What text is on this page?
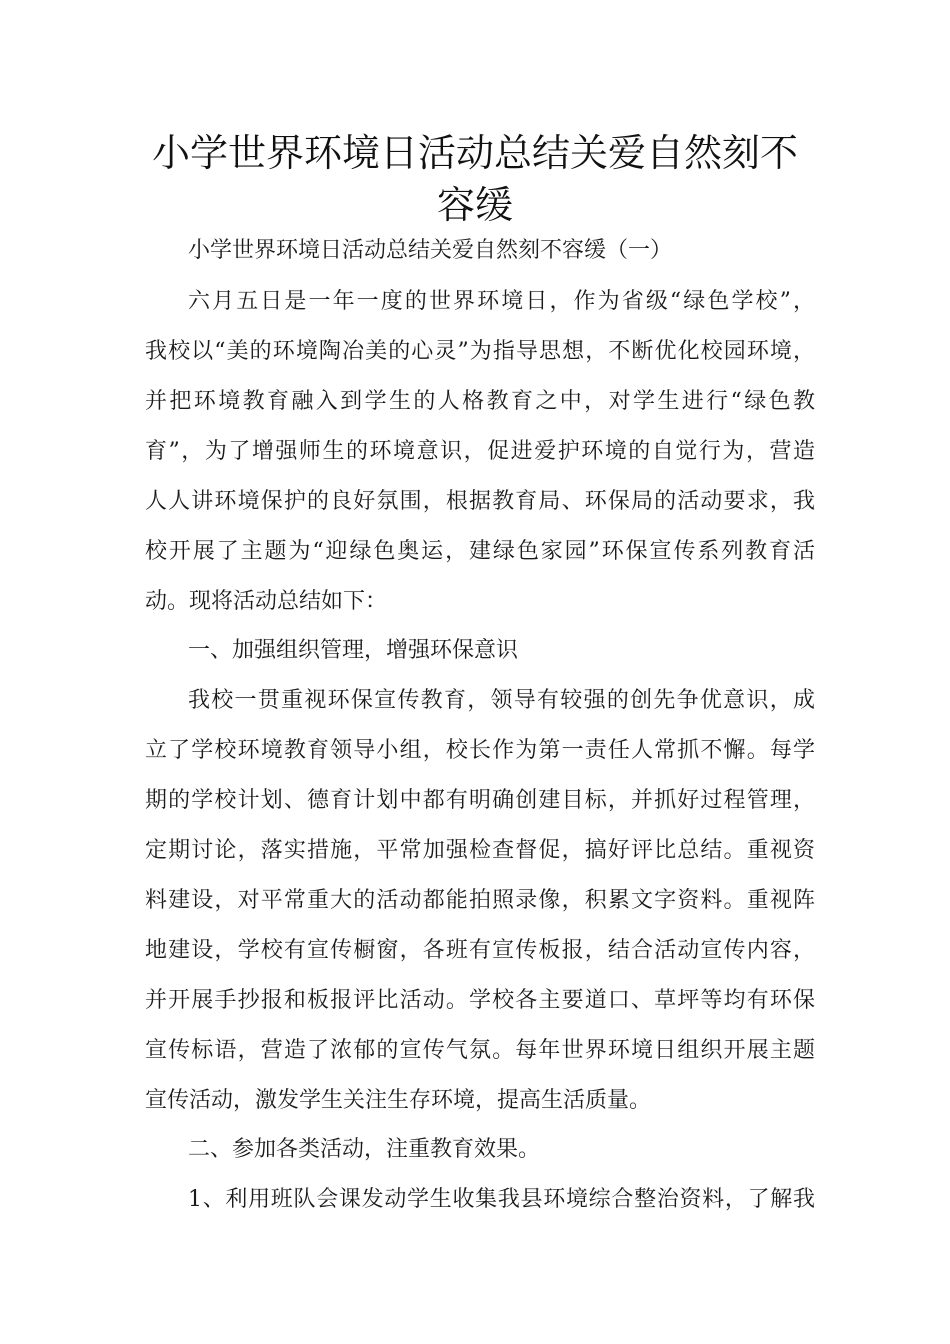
小学世界环境日活动总结关爱自然刻不
容缓
小学世界环境日活动总结关爱自然刻不容缓（一）
六月五日是一年一度的世界环境日，作为省级“绿色学校”，
我校以“美的环境陶冶美的心灵”为指导思想，不断优化校园环境，
并把环境教育融入到学生的人格教育之中，对学生进行“绿色教
育”，为了增强师生的环境意识，促进爱护环境的自觉行为，营造
人人讲环境保护的良好氛围，根据教育局、环保局的活动要求，我
校开展了主题为“迎绿色奥运，建绿色家园”环保宣传系列教育活
动。现将活动总结如下：
一、加强组织管理，增强环保意识
我校一贯重视环保宣传教育，领导有较强的创先争优意识，成
立了学校环境教育领导小组，校长作为第一责任人常抓不懈。每学
期的学校计划、德育计划中都有明确创建目标，并抓好过程管理，
定期讨论，落实措施，平常加强检查督促，搞好评比总结。重视资
料建设，对平常重大的活动都能拍照录像，积累文字资料。重视阵
地建设，学校有宣传橱窗，各班有宣传板报，结合活动宣传内容，
并开展手抄报和板报评比活动。学校各主要道口、草坪等均有环保
宣传标语，营造了浓郁的宣传气氛。每年世界环境日组织开展主题
宣传活动，激发学生关注生存环境，提高生活质量。
二、参加各类活动，注重教育效果。
1、利用班队会课发动学生收集我县环境综合整治资料，了解我
